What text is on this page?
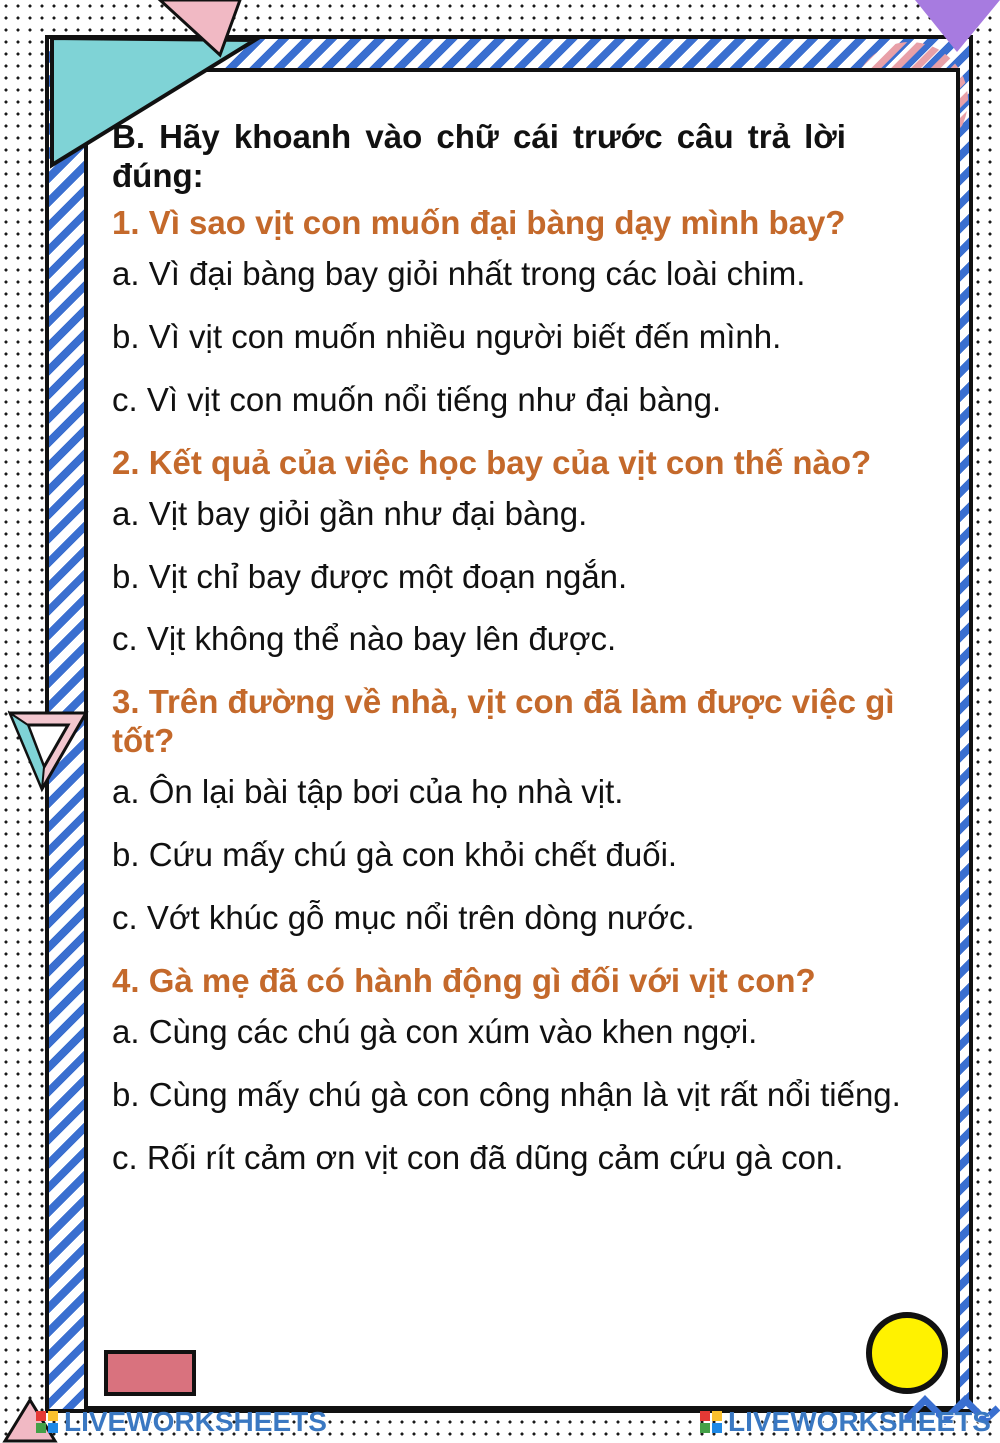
B. Hãy khoanh vào chữ cái trước câu trả lời đúng:
1. Vì sao vịt con muốn đại bàng dạy mình bay?
a. Vì đại bàng bay giỏi nhất trong các loài chim.
b. Vì vịt con muốn nhiều người biết đến mình.
c. Vì vịt con muốn nổi tiếng như đại bàng.
2. Kết quả của việc học bay của vịt con thế nào?
a. Vịt bay giỏi gần như đại bàng.
b. Vịt chỉ bay được một đoạn ngắn.
c. Vịt không thể nào bay lên được.
3. Trên đường về nhà, vịt con đã làm được việc gì tốt?
a. Ôn lại bài tập bơi của họ nhà vịt.
b. Cứu mấy chú gà con khỏi chết đuối.
c. Vớt khúc gỗ mục nổi trên dòng nước.
4. Gà mẹ đã có hành động gì đối với vịt con?
a. Cùng các chú gà con xúm vào khen ngợi.
b. Cùng mấy chú gà con công nhận là vịt rất nổi tiếng.
c. Rối rít cảm ơn vịt con đã dũng cảm cứu gà con.
LIVEWORKSHEETS	LIVEWORKSHEETS
